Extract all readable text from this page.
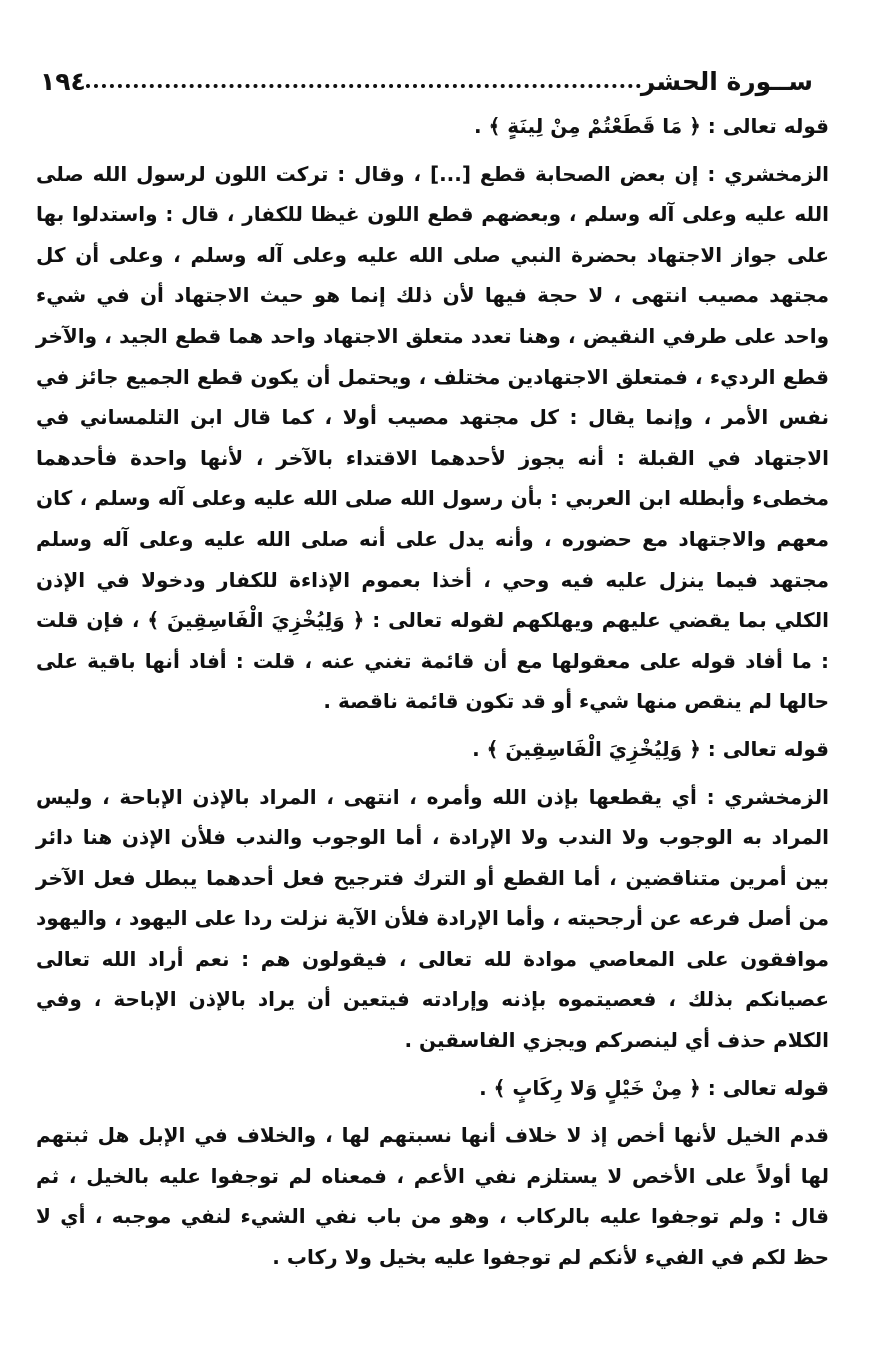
ســورة الحشر
١٩٤

قوله تعالى : ﴿ مَا قَطَعْتُمْ مِنْ لِينَةٍ ﴾ .

الزمخشري : إن بعض الصحابة قطع [...] ، وقال : تركت اللون لرسول الله صلى الله عليه وعلى آله وسلم ، وبعضهم قطع اللون غيظا للكفار ، قال : واستدلوا بها على جواز الاجتهاد بحضرة النبي صلى الله عليه وعلى آله وسلم ، وعلى أن كل مجتهد مصيب انتهى ، لا حجة فيها لأن ذلك إنما هو حيث الاجتهاد أن في شيء واحد على طرفي النقيض ، وهنا تعدد متعلق الاجتهاد واحد هما قطع الجيد ، والآخر قطع الرديء ، فمتعلق الاجتهادين مختلف ، ويحتمل أن يكون قطع الجميع جائز في نفس الأمر ، وإنما يقال : كل مجتهد مصيب أولا ، كما قال ابن التلمساني في الاجتهاد في القبلة : أنه يجوز لأحدهما الاقتداء بالآخر ، لأنها واحدة فأحدهما مخطىء وأبطله ابن العربي : بأن رسول الله صلى الله عليه وعلى آله وسلم ، كان معهم والاجتهاد مع حضوره ، وأنه يدل على أنه صلى الله عليه وعلى آله وسلم مجتهد فيما ينزل عليه فيه وحي ، أخذا بعموم الإذاءة للكفار ودخولا في الإذن الكلي بما يقضي عليهم ويهلكهم لقوله تعالى : ﴿ وَلِيُخْزِيَ الْفَاسِقِينَ ﴾ ، فإن قلت : ما أفاد قوله على معقولها مع أن قائمة تغني عنه ، قلت : أفاد أنها باقية على حالها لم ينقص منها شيء أو قد تكون قائمة ناقصة .

قوله تعالى : ﴿ وَلِيُخْزِيَ الْفَاسِقِينَ ﴾ .

الزمخشري : أي يقطعها بإذن الله وأمره ، انتهى ، المراد بالإذن الإباحة ، وليس المراد به الوجوب ولا الندب ولا الإرادة ، أما الوجوب والندب فلأن الإذن هنا دائر بين أمرين متناقضين ، أما القطع أو الترك فترجيح فعل أحدهما يبطل فعل الآخر من أصل فرعه عن أرجحيته ، وأما الإرادة فلأن الآية نزلت ردا على اليهود ، واليهود موافقون على المعاصي موادة لله تعالى ، فيقولون هم : نعم أراد الله تعالى عصيانكم بذلك ، فعصيتموه بإذنه وإرادته فيتعين أن يراد بالإذن الإباحة ، وفي الكلام حذف أي لينصركم ويجزي الفاسقين .

قوله تعالى : ﴿ مِنْ خَيْلٍ وَلا رِكَابٍ ﴾ .

قدم الخيل لأنها أخص إذ لا خلاف أنها نسبتهم لها ، والخلاف في الإبل هل ثبتهم لها أولاً على الأخص لا يستلزم نفي الأعم ، فمعناه لم توجفوا عليه بالخيل ، ثم قال : ولم توجفوا عليه بالركاب ، وهو من باب نفي الشيء لنفي موجبه ، أي لا حظ لكم في الفيء لأنكم لم توجفوا عليه بخيل ولا ركاب .
